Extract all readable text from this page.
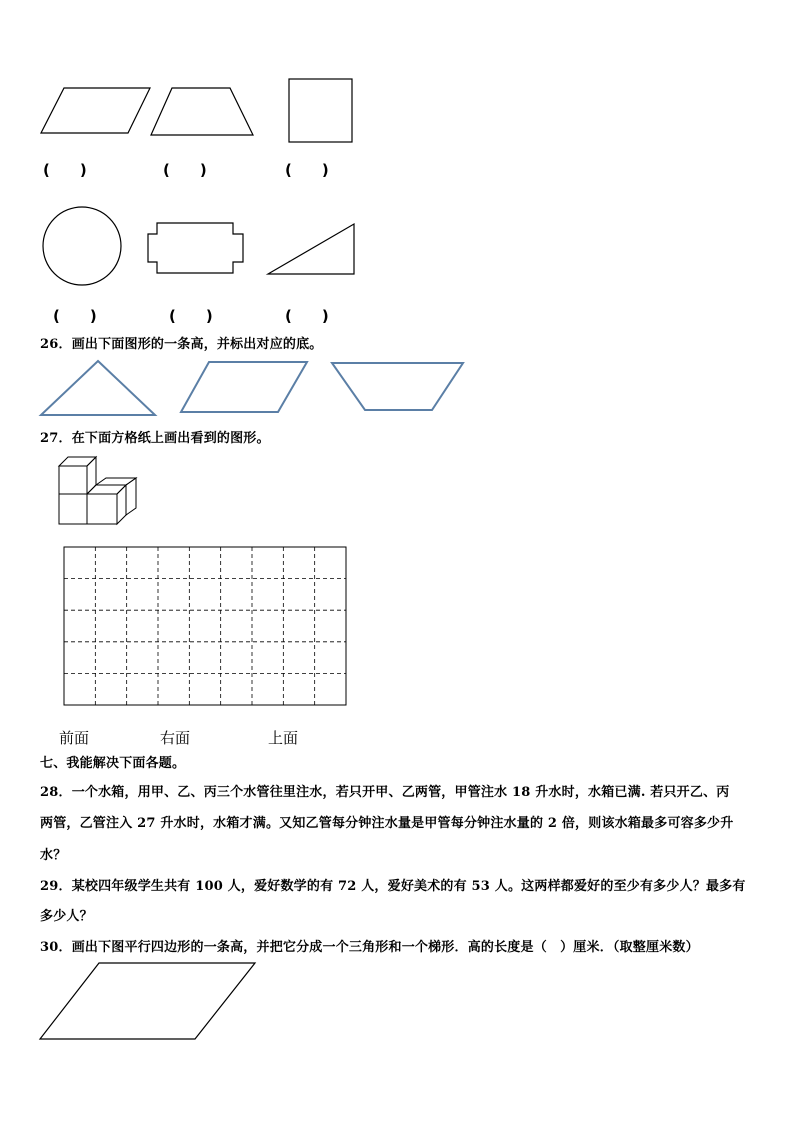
(  )	(  )	(  )
(  )	(  )	(  )
26．画出下面图形的一条高，并标出对应的底。
27．在下面方格纸上画出看到的图形。
前面	右面	上面
七、我能解决下面各题。
28．一个水箱，用甲、乙、丙三个水管往里注水，若只开甲、乙两管，甲管注水 18 升水时，水箱已满. 若只开乙、丙
两管，乙管注入 27 升水时，水箱才满。又知乙管每分钟注水量是甲管每分钟注水量的 2 倍，则该水箱最多可容多少升
水？
29．某校四年级学生共有 100 人，爱好数学的有 72 人，爱好美术的有 53 人。这两样都爱好的至少有多少人？最多有
多少人？
30．画出下图平行四边形的一条高，并把它分成一个三角形和一个梯形．高的长度是（　）厘米．（取整厘米数）
